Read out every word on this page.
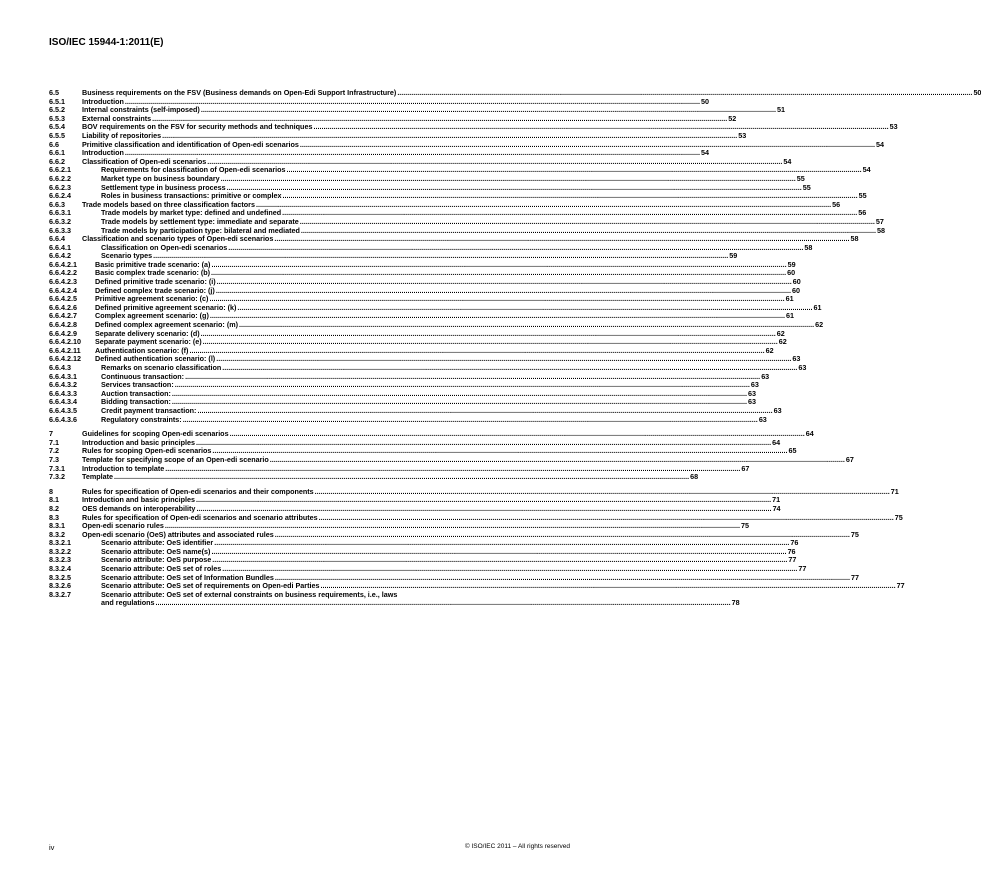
ISO/IEC 15944-1:2011(E)
6.5	Business requirements on the FSV (Business demands on Open-Edi Support Infrastructure) .....	50
6.5.1	Introduction .....	50
6.5.2	Internal constraints (self-imposed) .....	51
6.5.3	External constraints .....	52
6.5.4	BOV requirements on the FSV for security methods and techniques .....	53
6.5.5	Liability of repositories .....	53
6.6	Primitive classification and identification of Open-edi scenarios .....	54
6.6.1	Introduction .....	54
6.6.2	Classification of Open-edi scenarios .....	54
6.6.2.1	Requirements for classification of Open-edi scenarios .....	54
6.6.2.2	Market type on business boundary .....	55
6.6.2.3	Settlement type in business process .....	55
6.6.2.4	Roles in business transactions: primitive or complex .....	55
6.6.3	Trade models based on three classification factors .....	56
6.6.3.1	Trade models by market type: defined and undefined .....	56
6.6.3.2	Trade models by settlement type: immediate and separate .....	57
6.6.3.3	Trade models by participation type: bilateral and mediated .....	58
6.6.4	Classification and scenario types of Open-edi scenarios .....	58
6.6.4.1	Classification on Open-edi scenarios .....	58
6.6.4.2	Scenario types .....	59
6.6.4.2.1	Basic primitive trade scenario: (a) .....	59
6.6.4.2.2	Basic complex trade scenario: (b) .....	60
6.6.4.2.3	Defined primitive trade scenario: (i) .....	60
6.6.4.2.4	Defined complex trade scenario: (j) .....	60
6.6.4.2.5	Primitive agreement scenario: (c) .....	61
6.6.4.2.6	Defined primitive agreement scenario: (k) .....	61
6.6.4.2.7	Complex agreement scenario: (g) .....	61
6.6.4.2.8	Defined complex agreement scenario: (m) .....	62
6.6.4.2.9	Separate delivery scenario: (d) .....	62
6.6.4.2.10	Separate payment scenario: (e) .....	62
6.6.4.2.11	Authentication scenario: (f) .....	62
6.6.4.2.12	Defined authentication scenario: (l) .....	63
6.6.4.3	Remarks on scenario classification .....	63
6.6.4.3.1	Continuous transaction: .....	63
6.6.4.3.2	Services transaction: .....	63
6.6.4.3.3	Auction transaction: .....	63
6.6.4.3.4	Bidding transaction: .....	63
6.6.4.3.5	Credit payment transaction: .....	63
6.6.4.3.6	Regulatory constraints: .....	63
7	Guidelines for scoping Open-edi scenarios .....	64
7.1	Introduction and basic principles .....	64
7.2	Rules for scoping Open-edi scenarios .....	65
7.3	Template for specifying scope of an Open-edi scenario .....	67
7.3.1	Introduction to template .....	67
7.3.2	Template .....	68
8	Rules for specification of Open-edi scenarios and their components .....	71
8.1	Introduction and basic principles .....	71
8.2	OES demands on interoperability .....	74
8.3	Rules for specification of Open-edi scenarios and scenario attributes .....	75
8.3.1	Open-edi scenario rules .....	75
8.3.2	Open-edi scenario (OeS) attributes and associated rules .....	75
8.3.2.1	Scenario attribute: OeS identifier .....	76
8.3.2.2	Scenario attribute: OeS name(s) .....	76
8.3.2.3	Scenario attribute: OeS purpose .....	77
8.3.2.4	Scenario attribute: OeS set of roles .....	77
8.3.2.5	Scenario attribute: OeS set of Information Bundles .....	77
8.3.2.6	Scenario attribute: OeS set of requirements on Open-edi Parties .....	77
8.3.2.7	Scenario attribute: OeS set of external constraints on business requirements, i.e., laws
and regulations .....	78
iv	© ISO/IEC 2011 – All rights reserved
